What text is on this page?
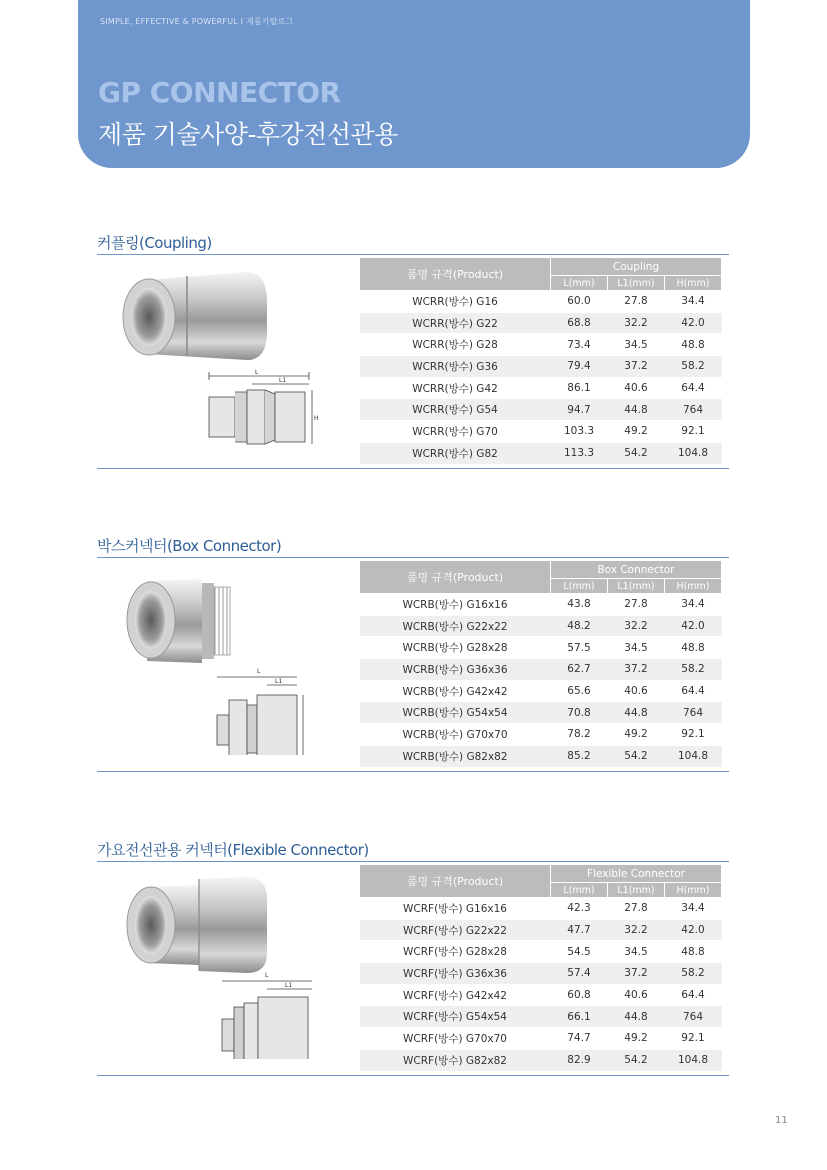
SIMPLE, EFFECTIVE & POWERFUL I 제품카탈로그
GP CONNECTOR
제품 기술사양-후강전선관용
커플링(Coupling)
L
L1
H
품명 규격(Product)	Coupling		
	L(mm)	L1(mm)	H(mm)
WCRR(방수) G16	60.0	27.8	34.4
WCRR(방수) G22	68.8	32.2	42.0
WCRR(방수) G28	73.4	34.5	48.8
WCRR(방수) G36	79.4	37.2	58.2
WCRR(방수) G42	86.1	40.6	64.4
WCRR(방수) G54	94.7	44.8	764
WCRR(방수) G70	103.3	49.2	92.1
WCRR(방수) G82	113.3	54.2	104.8
박스커넥터(Box Connector)
L
L1
품명 규격(Product)	Box Connector		
	L(mm)	L1(mm)	H(mm)
WCRB(방수) G16x16	43.8	27.8	34.4
WCRB(방수) G22x22	48.2	32.2	42.0
WCRB(방수) G28x28	57.5	34.5	48.8
WCRB(방수) G36x36	62.7	37.2	58.2
WCRB(방수) G42x42	65.6	40.6	64.4
WCRB(방수) G54x54	70.8	44.8	764
WCRB(방수) G70x70	78.2	49.2	92.1
WCRB(방수) G82x82	85.2	54.2	104.8
가요전선관용 커넥터(Flexible Connector)
L
L1
품명 규격(Product)	Flexible Connector		
	L(mm)	L1(mm)	H(mm)
WCRF(방수) G16x16	42.3	27.8	34.4
WCRF(방수) G22x22	47.7	32.2	42.0
WCRF(방수) G28x28	54.5	34.5	48.8
WCRF(방수) G36x36	57.4	37.2	58.2
WCRF(방수) G42x42	60.8	40.6	64.4
WCRF(방수) G54x54	66.1	44.8	764
WCRF(방수) G70x70	74.7	49.2	92.1
WCRF(방수) G82x82	82.9	54.2	104.8
11
